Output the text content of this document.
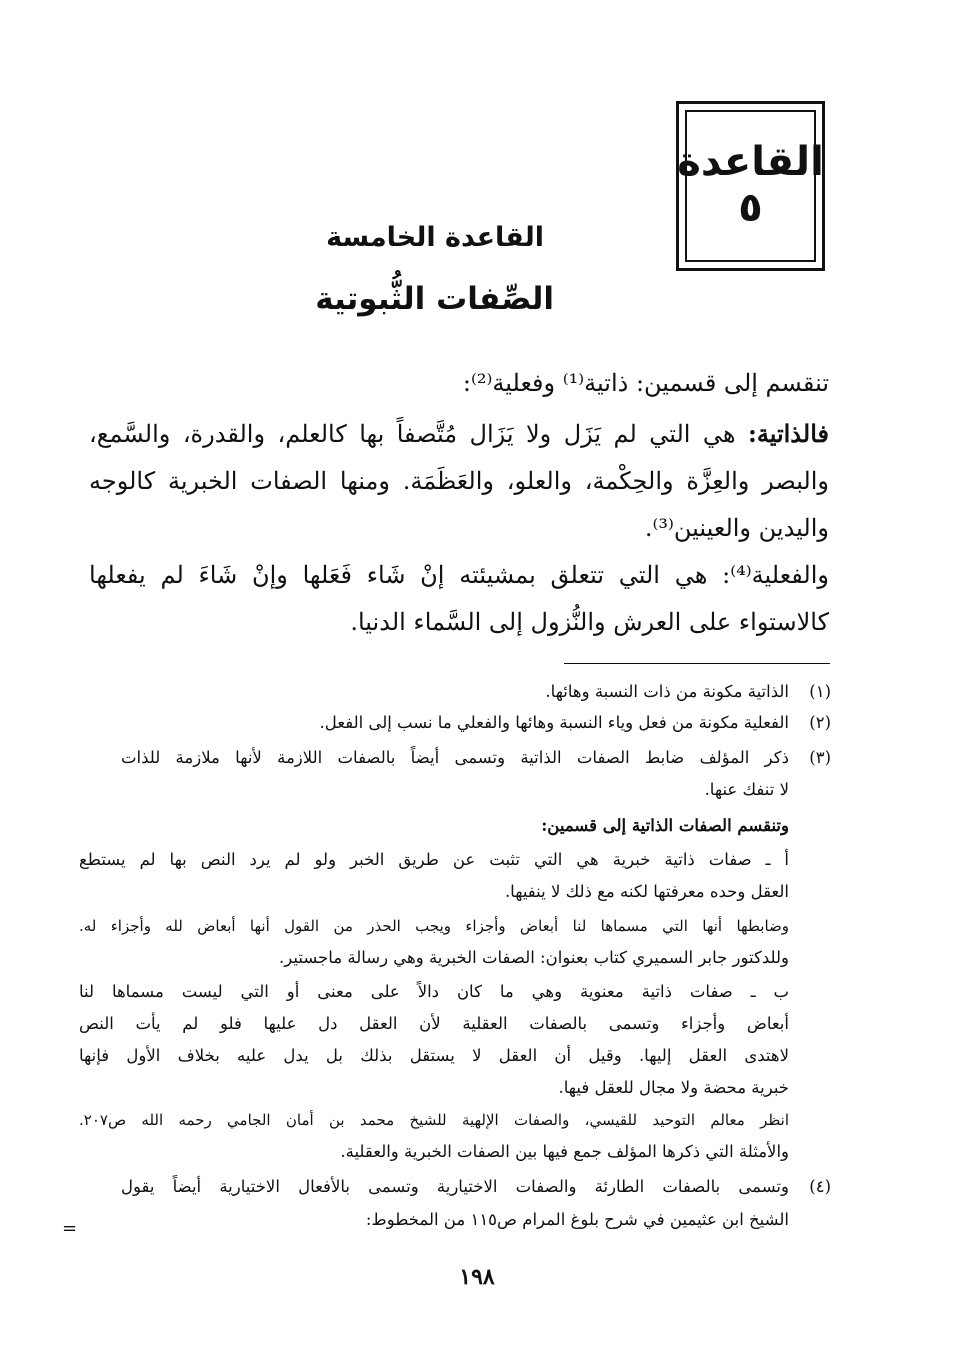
القاعدة
٥
القاعدة الخامسة
الصِّفات الثُّبوتية
تنقسم إلى قسمين: ذاتية⁽¹⁾ وفعلية⁽²⁾:
فالذاتية: هي التي لم يَزَل ولا يَزَال مُتَّصفاً بها كالعلم، والقدرة، والسَّمع، والبصر والعِزَّة والحِكْمة، والعلو، والعَظَمَة. ومنها الصفات الخبرية كالوجه واليدين والعينين⁽³⁾.
والفعلية⁽⁴⁾: هي التي تتعلق بمشيئته إنْ شَاء فَعَلها وإنْ شَاءَ لم يفعلها كالاستواء على العرش والنُّزول إلى السَّماء الدنيا.
(١)
الذاتية مكونة من ذات النسبة وهائها.
(٢)
الفعلية مكونة من فعل وياء النسبة وهائها والفعلي ما نسب إلى الفعل.
(٣)
ذكر المؤلف ضابط الصفات الذاتية وتسمى أيضاً بالصفات اللازمة لأنها ملازمة للذات
لا تنفك عنها.
وتنقسم الصفات الذاتية إلى قسمين:
أ ـ صفات ذاتية خبرية هي التي تثبت عن طريق الخبر ولو لم يرد النص بها لم يستطع
العقل وحده معرفتها لكنه مع ذلك لا ينفيها.
وضابطها أنها التي مسماها لنا أبعاض وأجزاء ويجب الحذر من القول أنها أبعاض لله وأجزاء له.
وللدكتور جابر السميري كتاب بعنوان: الصفات الخبرية وهي رسالة ماجستير.
ب ـ صفات ذاتية معنوية وهي ما كان دالاً على معنى أو التي ليست مسماها لنا
أبعاض وأجزاء وتسمى بالصفات العقلية لأن العقل دل عليها فلو لم يأت النص
لاهتدى العقل إليها. وقيل أن العقل لا يستقل بذلك بل يدل عليه بخلاف الأول فإنها
خبرية محضة ولا مجال للعقل فيها.
انظر معالم التوحيد للقيسي، والصفات الإلهية للشيخ محمد بن أمان الجامي رحمه الله ص٢٠٧.
والأمثلة التي ذكرها المؤلف جمع فيها بين الصفات الخبرية والعقلية.
(٤)
وتسمى بالصفات الطارئة والصفات الاختيارية وتسمى بالأفعال الاختيارية أيضاً يقول
الشيخ ابن عثيمين في شرح بلوغ المرام ص١١٥ من المخطوط:
=
١٩٨
